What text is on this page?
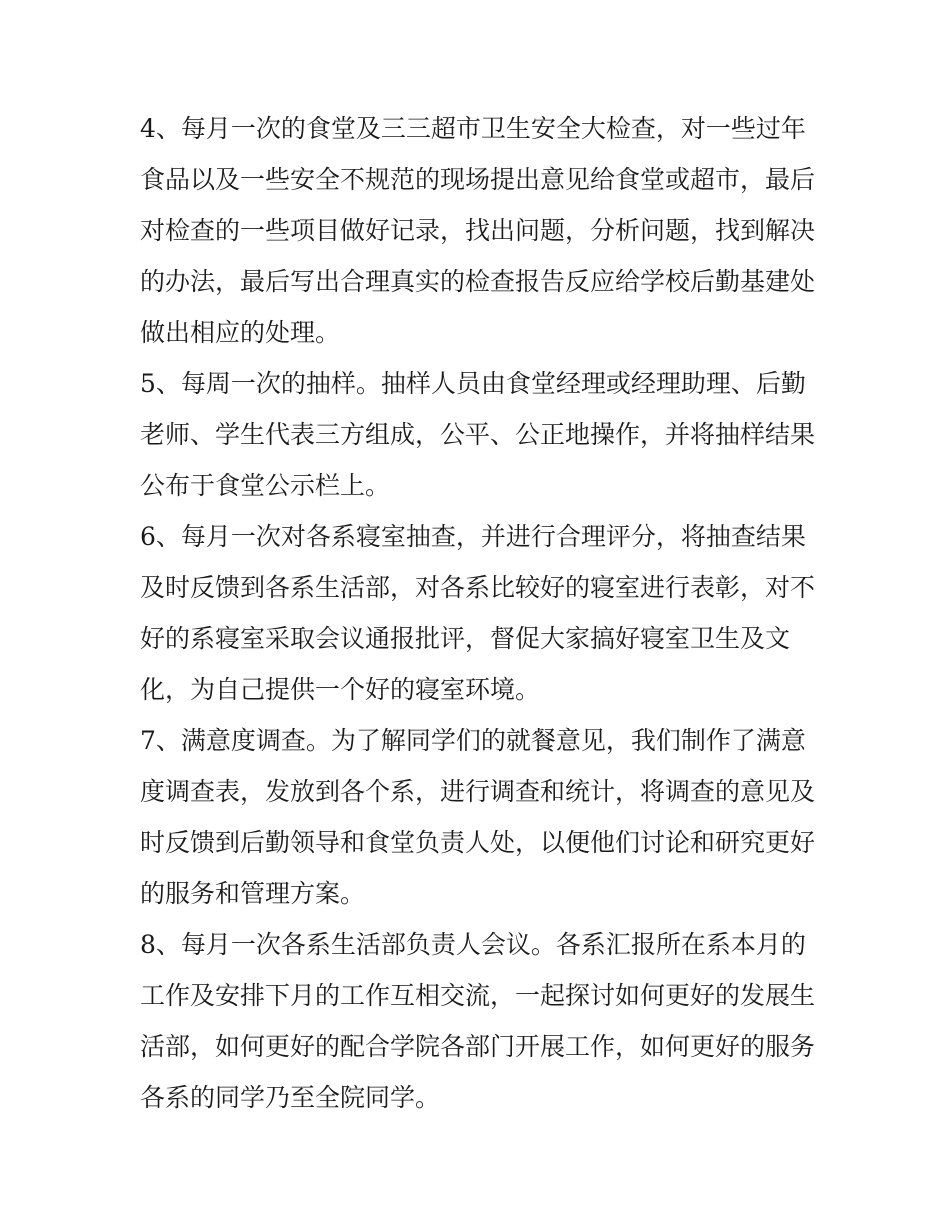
4、每月一次的食堂及三三超市卫生安全大检查，对一些过年
食品以及一些安全不规范的现场提出意见给食堂或超市，最后
对检查的一些项目做好记录，找出问题，分析问题，找到解决
的办法，最后写出合理真实的检查报告反应给学校后勤基建处
做出相应的处理。
5、每周一次的抽样。抽样人员由食堂经理或经理助理、后勤
老师、学生代表三方组成，公平、公正地操作，并将抽样结果
公布于食堂公示栏上。
6、每月一次对各系寝室抽查，并进行合理评分，将抽查结果
及时反馈到各系生活部，对各系比较好的寝室进行表彰，对不
好的系寝室采取会议通报批评，督促大家搞好寝室卫生及文
化，为自己提供一个好的寝室环境。
7、满意度调查。为了解同学们的就餐意见，我们制作了满意
度调查表，发放到各个系，进行调查和统计，将调查的意见及
时反馈到后勤领导和食堂负责人处，以便他们讨论和研究更好
的服务和管理方案。
8、每月一次各系生活部负责人会议。各系汇报所在系本月的
工作及安排下月的工作互相交流，一起探讨如何更好的发展生
活部，如何更好的配合学院各部门开展工作，如何更好的服务
各系的同学乃至全院同学。
